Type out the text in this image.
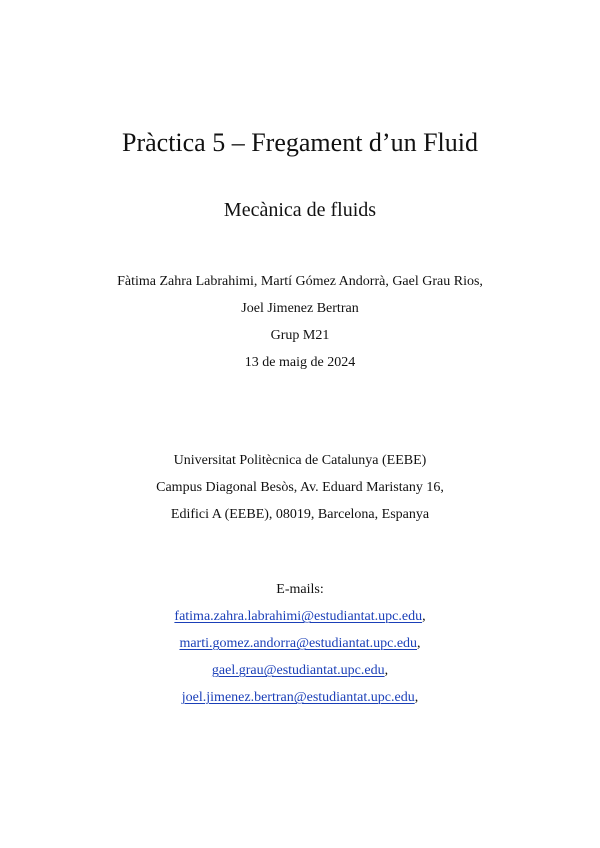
Pràctica 5 – Fregament d’un Fluid
Mecànica de fluids
Fàtima Zahra Labrahimi, Martí Gómez Andorrà, Gael Grau Rios,
Joel Jimenez Bertran
Grup M21
13 de maig de 2024
Universitat Politècnica de Catalunya (EEBE)
Campus Diagonal Besòs, Av. Eduard Maristany 16,
Edifici A (EEBE), 08019, Barcelona, Espanya
E-mails:
fatima.zahra.labrahimi@estudiantat.upc.edu,
marti.gomez.andorra@estudiantat.upc.edu,
gael.grau@estudiantat.upc.edu,
joel.jimenez.bertran@estudiantat.upc.edu,
